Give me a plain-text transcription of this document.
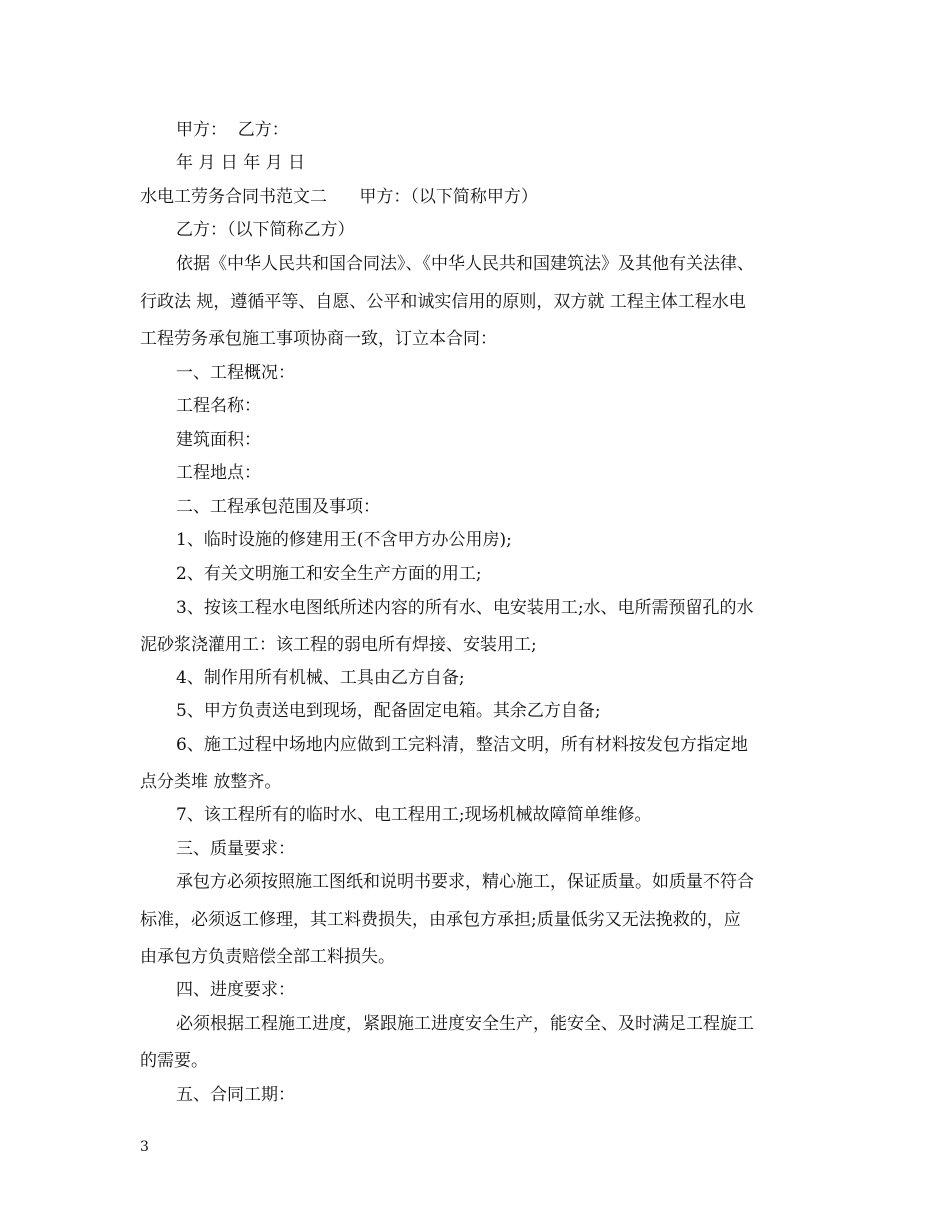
甲方：  乙方：
年 月 日 年 月 日
水电工劳务合同书范文二      甲方：（以下简称甲方）
乙方：（以下简称乙方）
依据《中华人民共和国合同法》、《中华人民共和国建筑法》及其他有关法律、
行政法 规，遵循平等、自愿、公平和诚实信用的原则，双方就 工程主体工程水电
工程劳务承包施工事项协商一致，订立本合同：
一、工程概况：
工程名称：
建筑面积：
工程地点：
二、工程承包范围及事项：
1、临时设施的修建用王(不含甲方办公用房);
2、有关文明施工和安全生产方面的用工;
3、按该工程水电图纸所述内容的所有水、电安装用工;水、电所需预留孔的水
泥砂浆浇灌用工：该工程的弱电所有焊接、安装用工;
4、制作用所有机械、工具由乙方自备;
5、甲方负责送电到现场，配备固定电箱。其余乙方自备;
6、施工过程中场地内应做到工完料清，整洁文明，所有材料按发包方指定地
点分类堆 放整齐。
7、该工程所有的临时水、电工程用工;现场机械故障简单维修。
三、质量要求：
承包方必须按照施工图纸和说明书要求，精心施工，保证质量。如质量不符合
标准，必须返工修理，其工料费损失，由承包方承担;质量低劣又无法挽救的，应
由承包方负责赔偿全部工料损失。
四、进度要求：
必须根据工程施工进度，紧跟施工进度安全生产，能安全、及时满足工程旋工
的需要。
五、合同工期：
3
